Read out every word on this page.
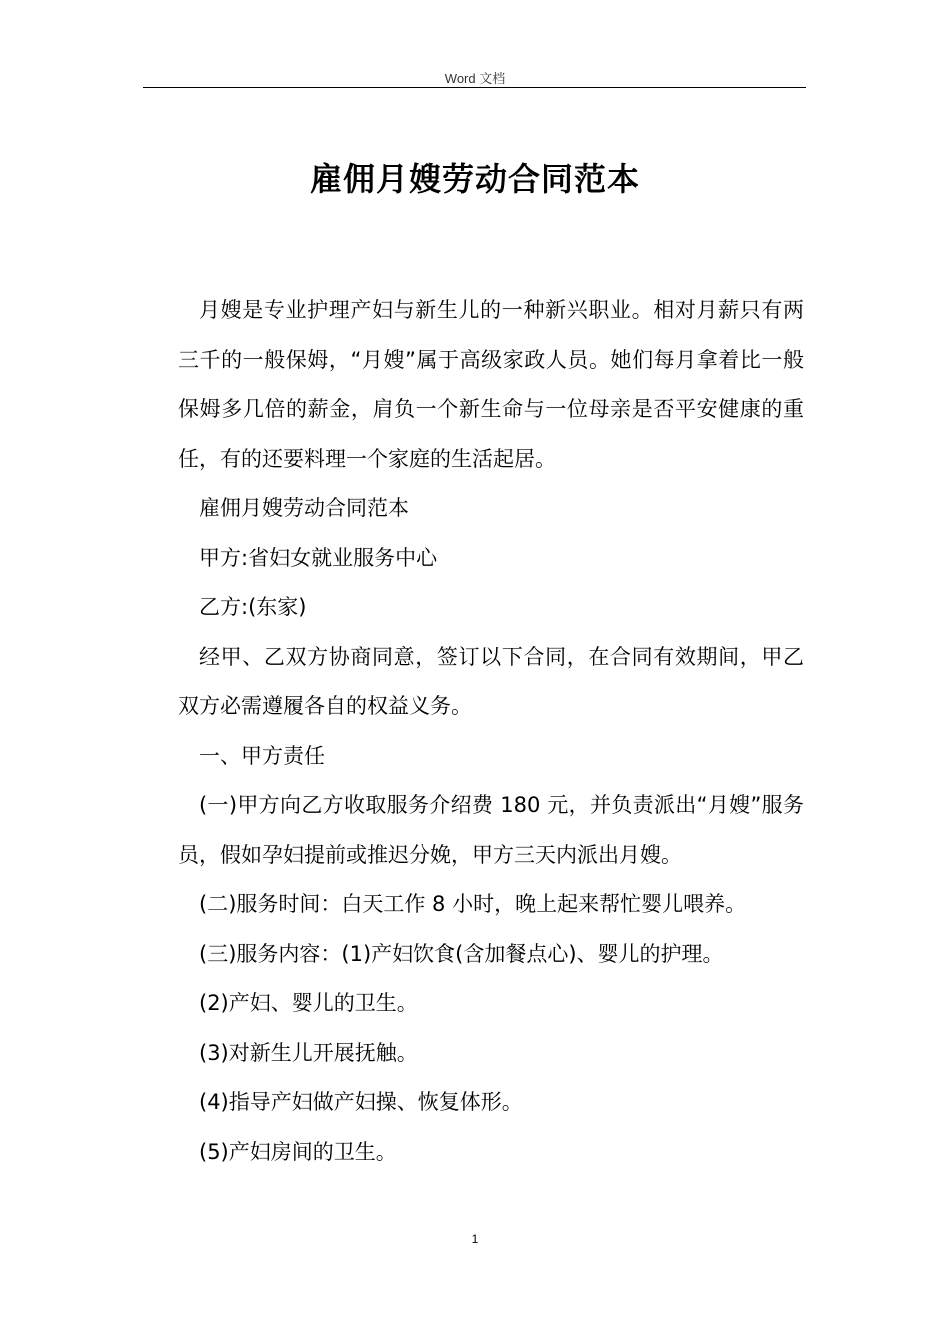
Word 文档
雇佣月嫂劳动合同范本

月嫂是专业护理产妇与新生儿的一种新兴职业。相对月薪只有两三千的一般保姆，“月嫂”属于高级家政人员。她们每月拿着比一般保姆多几倍的薪金，肩负一个新生命与一位母亲是否平安健康的重任，有的还要料理一个家庭的生活起居。

雇佣月嫂劳动合同范本

甲方:省妇女就业服务中心

乙方:(东家)

经甲、乙双方协商同意，签订以下合同，在合同有效期间，甲乙双方必需遵履各自的权益义务。

一、甲方责任

(一)甲方向乙方收取服务介绍费 180 元，并负责派出“月嫂”服务员，假如孕妇提前或推迟分娩，甲方三天内派出月嫂。

(二)服务时间：白天工作 8 小时，晚上起来帮忙婴儿喂养。

(三)服务内容：(1)产妇饮食(含加餐点心)、婴儿的护理。

(2)产妇、婴儿的卫生。

(3)对新生儿开展抚触。

(4)指导产妇做产妇操、恢复体形。

(5)产妇房间的卫生。

1
